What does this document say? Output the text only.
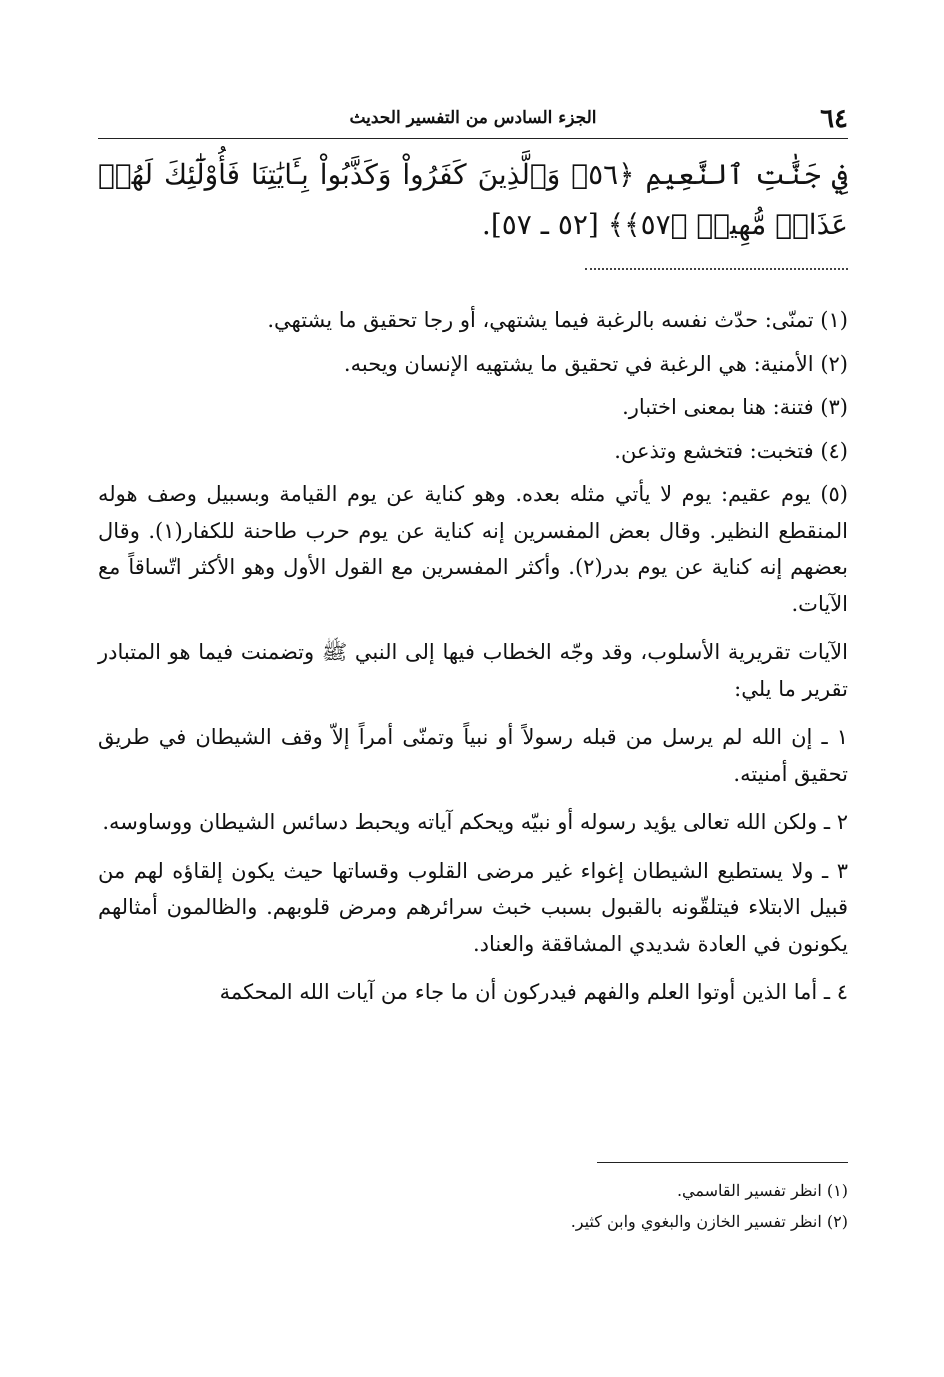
٦٤
الجزء السادس من التفسير الحديث
فِي جَنَّٰتِ ٱلنَّعِيمِ ﴿٥٦﴾ وَٱلَّذِينَ كَفَرُواْ وَكَذَّبُواْ بِـَٔايَٰتِنَا فَأُوْلَٰٓئِكَ لَهُمۡ عَذَابٞ مُّهِينٞ ﴿٥٧﴾﴾ [٥٢ ـ ٥٧].

(١) تمنّى: حدّث نفسه بالرغبة فيما يشتهي، أو رجا تحقيق ما يشتهي.

(٢) الأمنية: هي الرغبة في تحقيق ما يشتهيه الإنسان ويحبه.

(٣) فتنة: هنا بمعنى اختبار.

(٤) فتخبت: فتخشع وتذعن.

(٥) يوم عقيم: يوم لا يأتي مثله بعده. وهو كناية عن يوم القيامة وبسبيل وصف هوله المنقطع النظير. وقال بعض المفسرين إنه كناية عن يوم حرب طاحنة للكفار(١). وقال بعضهم إنه كناية عن يوم بدر(٢). وأكثر المفسرين مع القول الأول وهو الأكثر اتّساقاً مع الآيات.

الآيات تقريرية الأسلوب، وقد وجّه الخطاب فيها إلى النبي ﷺ وتضمنت فيما هو المتبادر تقرير ما يلي:

١ ـ إن الله لم يرسل من قبله رسولاً أو نبياً وتمنّى أمراً إلاّ وقف الشيطان في طريق تحقيق أمنيته.

٢ ـ ولكن الله تعالى يؤيد رسوله أو نبيّه ويحكم آياته ويحبط دسائس الشيطان ووساوسه.

٣ ـ ولا يستطيع الشيطان إغواء غير مرضى القلوب وقساتها حيث يكون إلقاؤه لهم من قبيل الابتلاء فيتلقّونه بالقبول بسبب خبث سرائرهم ومرض قلوبهم. والظالمون أمثالهم يكونون في العادة شديدي المشاققة والعناد.

٤ ـ أما الذين أوتوا العلم والفهم فيدركون أن ما جاء من آيات الله المحكمة

(١) انظر تفسير القاسمي.
(٢) انظر تفسير الخازن والبغوي وابن كثير.
